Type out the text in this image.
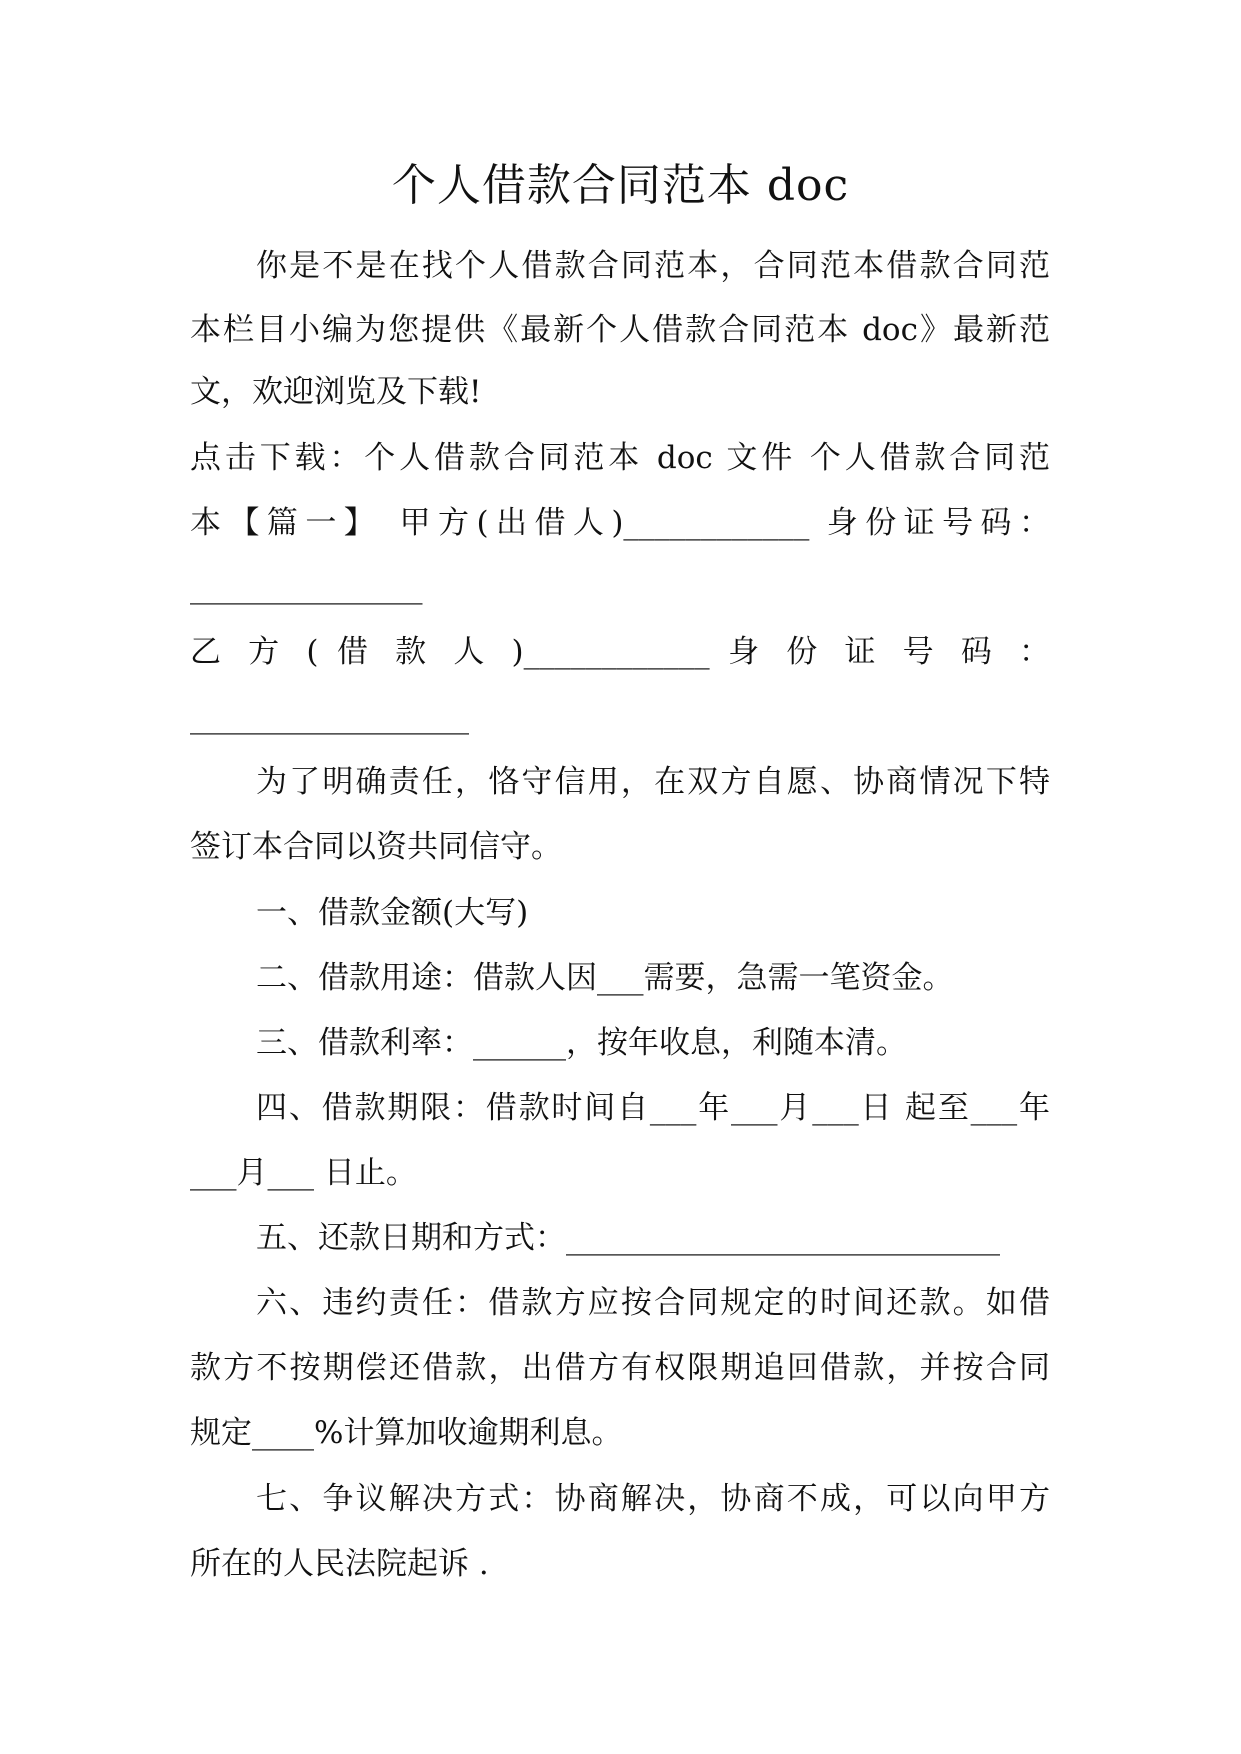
个人借款合同范本 doc
你是不是在找个人借款合同范本，合同范本借款合同范
本栏目小编为您提供《最新个人借款合同范本 doc》最新范
文，欢迎浏览及下载!
点击下载：个人借款合同范本 doc 文件 个人借款合同范
本【篇一】 甲方(出借人)____________ 身份证号码：
_______________
乙 方 ( 借 款 人 )____________ 身 份 证 号 码 ：
__________________
为了明确责任，恪守信用，在双方自愿、协商情况下特
签订本合同以资共同信守。
一、借款金额(大写)
二、借款用途：借款人因___需要，急需一笔资金。
三、借款利率：______，按年收息，利随本清。
四、借款期限：借款时间自___年___月___日 起至___年
___月___ 日止。
五、还款日期和方式：____________________________
六、违约责任：借款方应按合同规定的时间还款。如借
款方不按期偿还借款，出借方有权限期追回借款，并按合同
规定____%计算加收逾期利息。
七、争议解决方式：协商解决，协商不成，可以向甲方
所在的人民法院起诉 .
